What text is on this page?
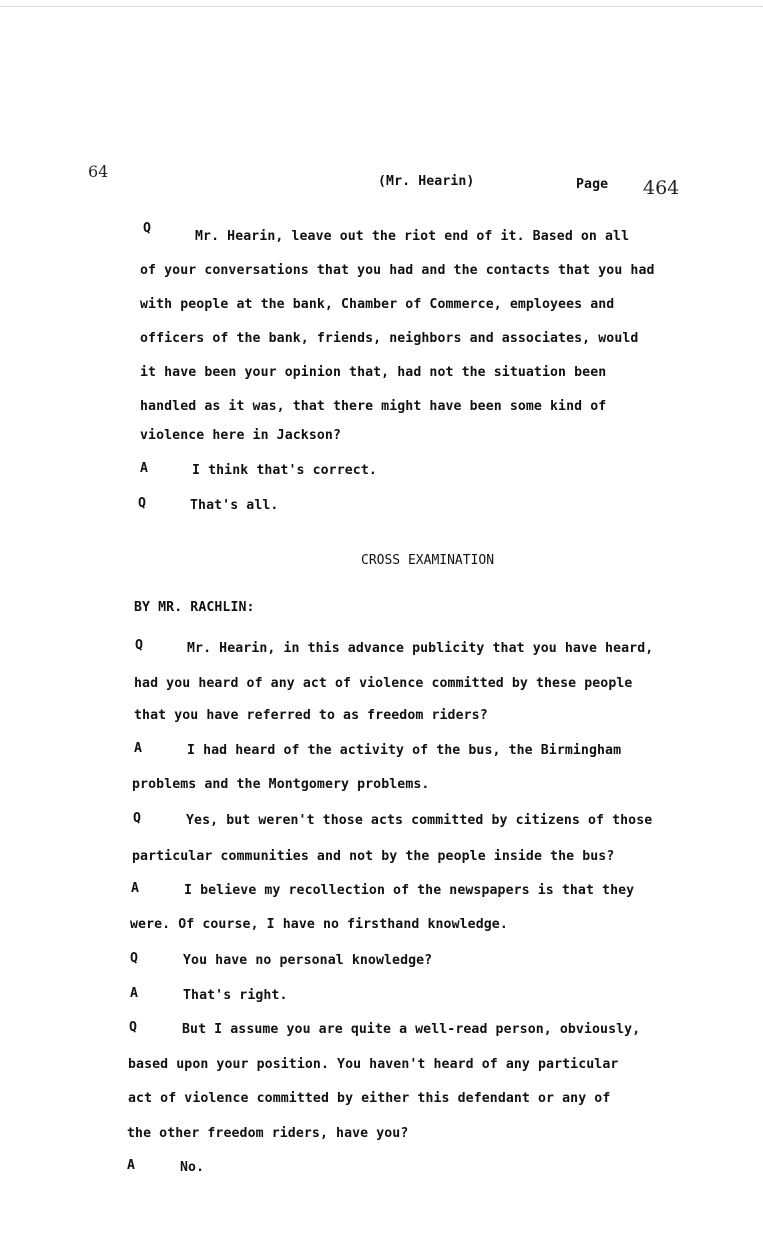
64
(Mr. Hearin)	Page 464
Q
Mr. Hearin, leave out the riot end of it. Based on all
of your conversations that you had and the contacts that you had
with people at the bank, Chamber of Commerce, employees and
officers of the bank, friends, neighbors and associates, would
it have been your opinion that, had not the situation been
handled as it was, that there might have been some kind of
violence here in Jackson?
A	I think that's correct.
Q	That's all.
CROSS EXAMINATION
BY MR. RACHLIN:
Q	Mr. Hearin, in this advance publicity that you have heard,
had you heard of any act of violence committed by these people
that you have referred to as freedom riders?
A	I had heard of the activity of the bus, the Birmingham
problems and the Montgomery problems.
Q	Yes, but weren't those acts committed by citizens of those
particular communities and not by the people inside the bus?
A	I believe my recollection of the newspapers is that they
were. Of course, I have no firsthand knowledge.
Q	You have no personal knowledge?
A	That's right.
Q	But I assume you are quite a well-read person, obviously,
based upon your position. You haven't heard of any particular
act of violence committed by either this defendant or any of
the other freedom riders, have you?
A	No.
